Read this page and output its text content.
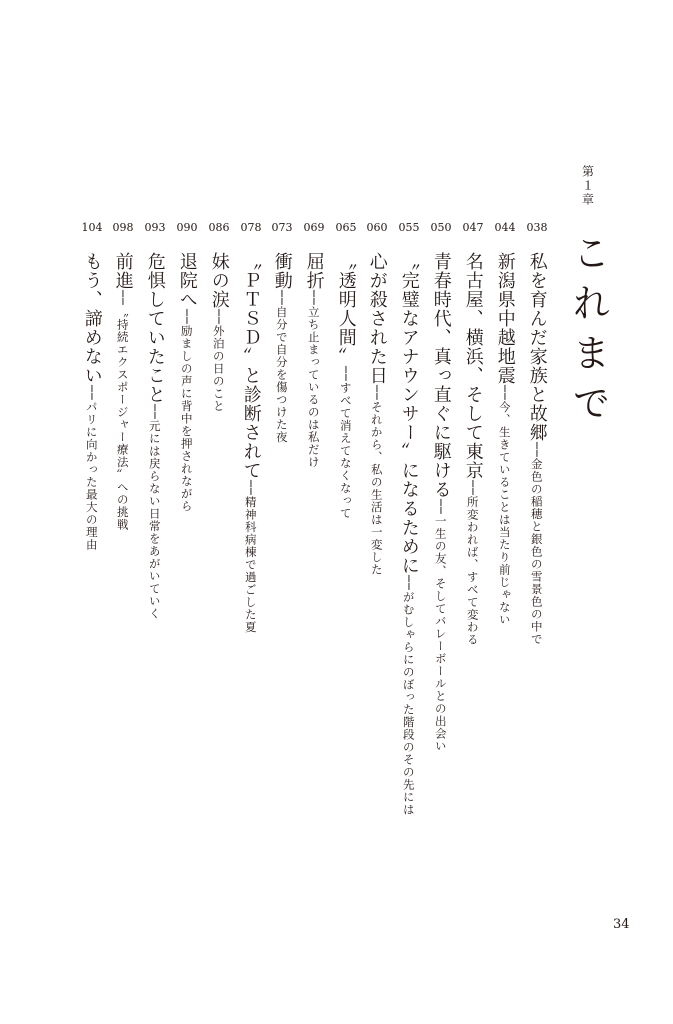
第１章
これまで
038
私を育んだ家族と故郷──金色の稲穂と銀色の雪景色の中で
044
新潟県中越地震──今、生きていることは当たり前じゃない
047
名古屋、横浜、そして東京──所変われば、すべて変わる
050
青春時代、真っ直ぐに駆ける──一生の友、そしてバレーボールとの出会い
055
〝完璧なアナウンサー〟になるために──がむしゃらにのぼった階段のその先には
060
心が殺された日──それから、私の生活は一変した
065
〝透明人間〟──すべて消えてなくなって
069
屈折──立ち止まっているのは私だけ
073
衝動──自分で自分を傷つけた夜
078
〝ＰＴＳＤ〟と診断されて──精神科病棟で過ごした夏
086
妹の涙──外泊の日のこと
090
退院へ──励ましの声に背中を押されながら
093
危惧していたこと──元には戻らない日常をあがいていく
098
前進──〝持続エクスポージャー療法〟への挑戦
104
もう、諦めない──パリに向かった最大の理由
34
